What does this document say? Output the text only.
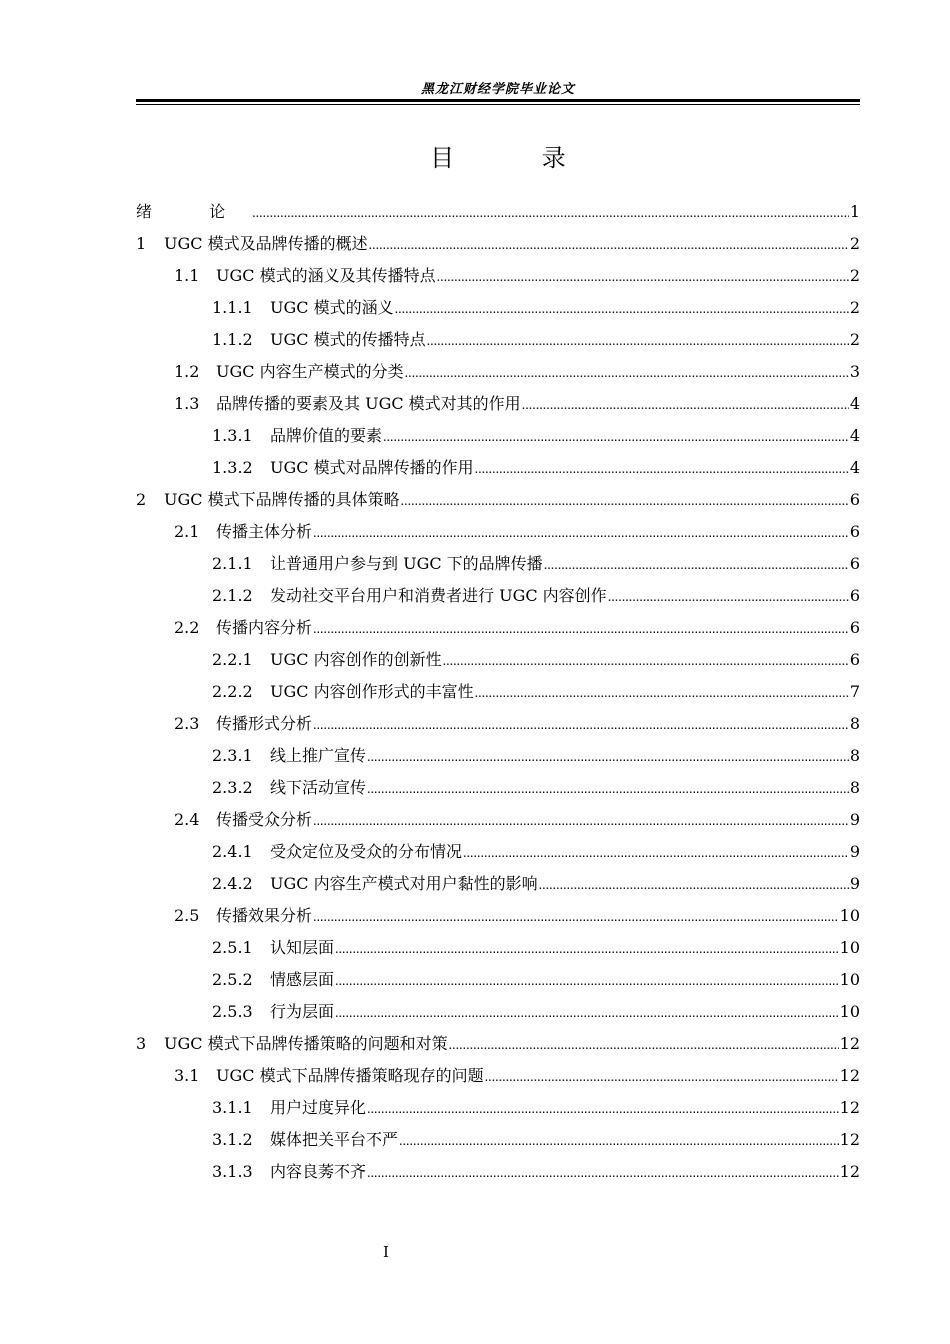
黑龙江财经学院毕业论文
目 录
绪 论 .....	1
1	UGC 模式及品牌传播的概述 .....	2
1.1	UGC 模式的涵义及其传播特点 .....	2
1.1.1	UGC 模式的涵义 .....	2
1.1.2	UGC 模式的传播特点 .....	2
1.2	UGC 内容生产模式的分类 .....	3
1.3	品牌传播的要素及其 UGC 模式对其的作用 .....	4
1.3.1	品牌价值的要素 .....	4
1.3.2	UGC 模式对品牌传播的作用 .....	4
2	UGC 模式下品牌传播的具体策略 .....	6
2.1	传播主体分析 .....	6
2.1.1	让普通用户参与到 UGC 下的品牌传播 .....	6
2.1.2	发动社交平台用户和消费者进行 UGC 内容创作 .....	6
2.2	传播内容分析 .....	6
2.2.1	UGC 内容创作的创新性 .....	6
2.2.2	UGC 内容创作形式的丰富性 .....	7
2.3	传播形式分析 .....	8
2.3.1	线上推广宣传 .....	8
2.3.2	线下活动宣传 .....	8
2.4	传播受众分析 .....	9
2.4.1	受众定位及受众的分布情况 .....	9
2.4.2	UGC 内容生产模式对用户黏性的影响 .....	9
2.5	传播效果分析 .....	10
2.5.1	认知层面 .....	10
2.5.2	情感层面 .....	10
2.5.3	行为层面 .....	10
3	UGC 模式下品牌传播策略的问题和对策 .....	12
3.1	UGC 模式下品牌传播策略现存的问题 .....	12
3.1.1	用户过度异化 .....	12
3.1.2	媒体把关平台不严 .....	12
3.1.3	内容良莠不齐 .....	12
I
